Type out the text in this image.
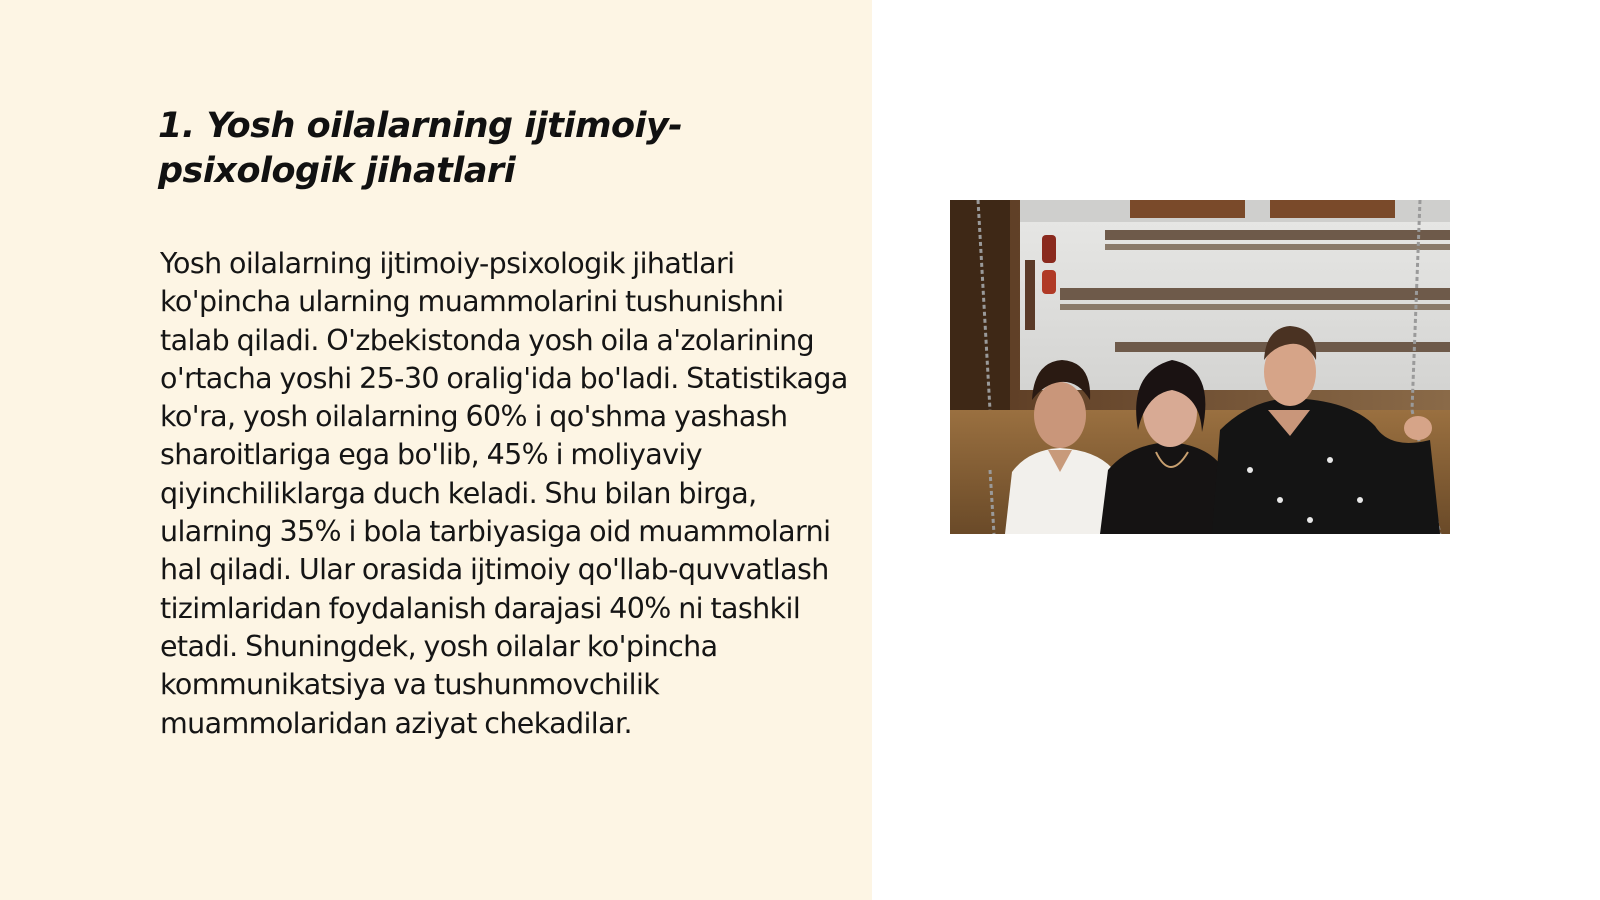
1. Yosh oilalarning ijtimoiy-psixologik jihatlari

Yosh oilalarning ijtimoiy-psixologik jihatlari ko'pincha ularning muammolarini tushunishni talab qiladi. O'zbekistonda yosh oila a'zolarining o'rtacha yoshi 25-30 oralig'ida bo'ladi. Statistikaga ko'ra, yosh oilalarning 60% i qo'shma yashash sharoitlariga ega bo'lib, 45% i moliyaviy qiyinchiliklarga duch keladi. Shu bilan birga, ularning 35% i bola tarbiyasiga oid muammolarni hal qiladi. Ular orasida ijtimoiy qo'llab-quvvatlash tizimlaridan foydalanish darajasi 40% ni tashkil etadi. Shuningdek, yosh oilalar ko'pincha kommunikatsiya va tushunmovchilik muammolaridan aziyat chekadilar.
